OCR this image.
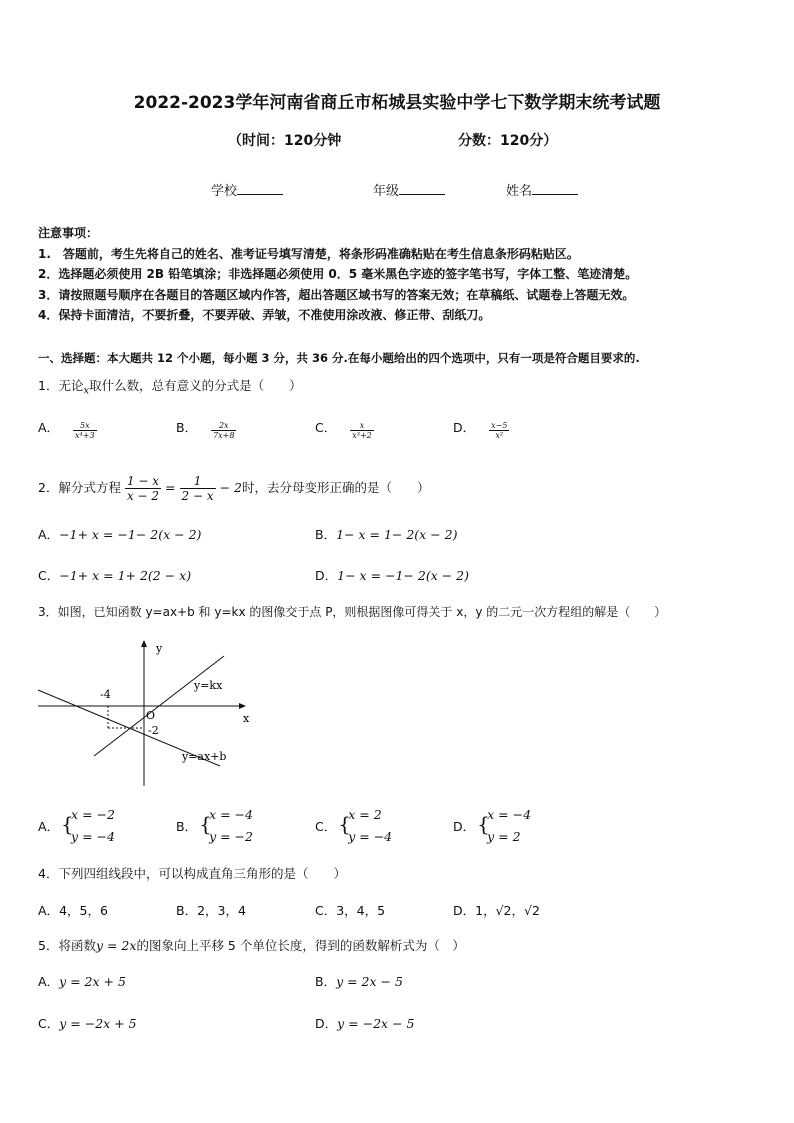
2022-2023学年河南省商丘市柘城县实验中学七下数学期末统考试题
（时间：120分钟	分数：120分）
学校	年级	姓名
注意事项：
1.　答题前，考生先将自己的姓名、准考证号填写清楚，将条形码准确粘贴在考生信息条形码粘贴区。
2．选择题必须使用 2B 铅笔填涂；非选择题必须使用 0．5 毫米黑色字迹的签字笔书写，字体工整、笔迹清楚。
3．请按照题号顺序在各题目的答题区域内作答，超出答题区域书写的答案无效；在草稿纸、试题卷上答题无效。
4．保持卡面清洁，不要折叠，不要弄破、弄皱，不准使用涂改液、修正带、刮纸刀。
一、选择题：本大题共 12 个小题，每小题 3 分，共 36 分.在每小题给出的四个选项中，只有一项是符合题目要求的.
1．无论$_x$取什么数，总有意义的分式是（　　）
A． $\frac{5x}{\text{x⁴+3}}$	B． $\frac{2x}{7x+8}$	C． $\frac{x}{\text{x³+2}}$	D． $\frac{x-5}{\text{x²}}$
2．解分式方程 $\frac{1 - x}{x - 2} = \frac{1}{2 - x} - 2$时，去分母变形正确的是（　　）
A．−1+ x = −1− 2(x − 2)	B．1− x = 1− 2(x − 2)
C．−1+ x = 1+ 2(2 − x)	D．1− x = −1− 2(x − 2)
3．如图，已知函数 y=ax+b 和 y=kx 的图像交于点 P，则根据图像可得关于 x，y 的二元一次方程组的解是（　　）
y
x
O
y=kx
y=ax+b
-4
-2
A． {
x = −2
y = −4
B． {
x = −4
y = −2
C． {
x = 2
y = −4
D． {
x = −4
y = 2
4．下列四组线段中，可以构成直角三角形的是（　　）
A．4，5，6	B．2，3，4	C．3，4，5	D．1，√2，√2
5．将函数y = 2x的图象向上平移 5 个单位长度，得到的函数解析式为（　）
A．y = 2x + 5	B．y = 2x − 5
C．y = −2x + 5	D．y = −2x − 5
